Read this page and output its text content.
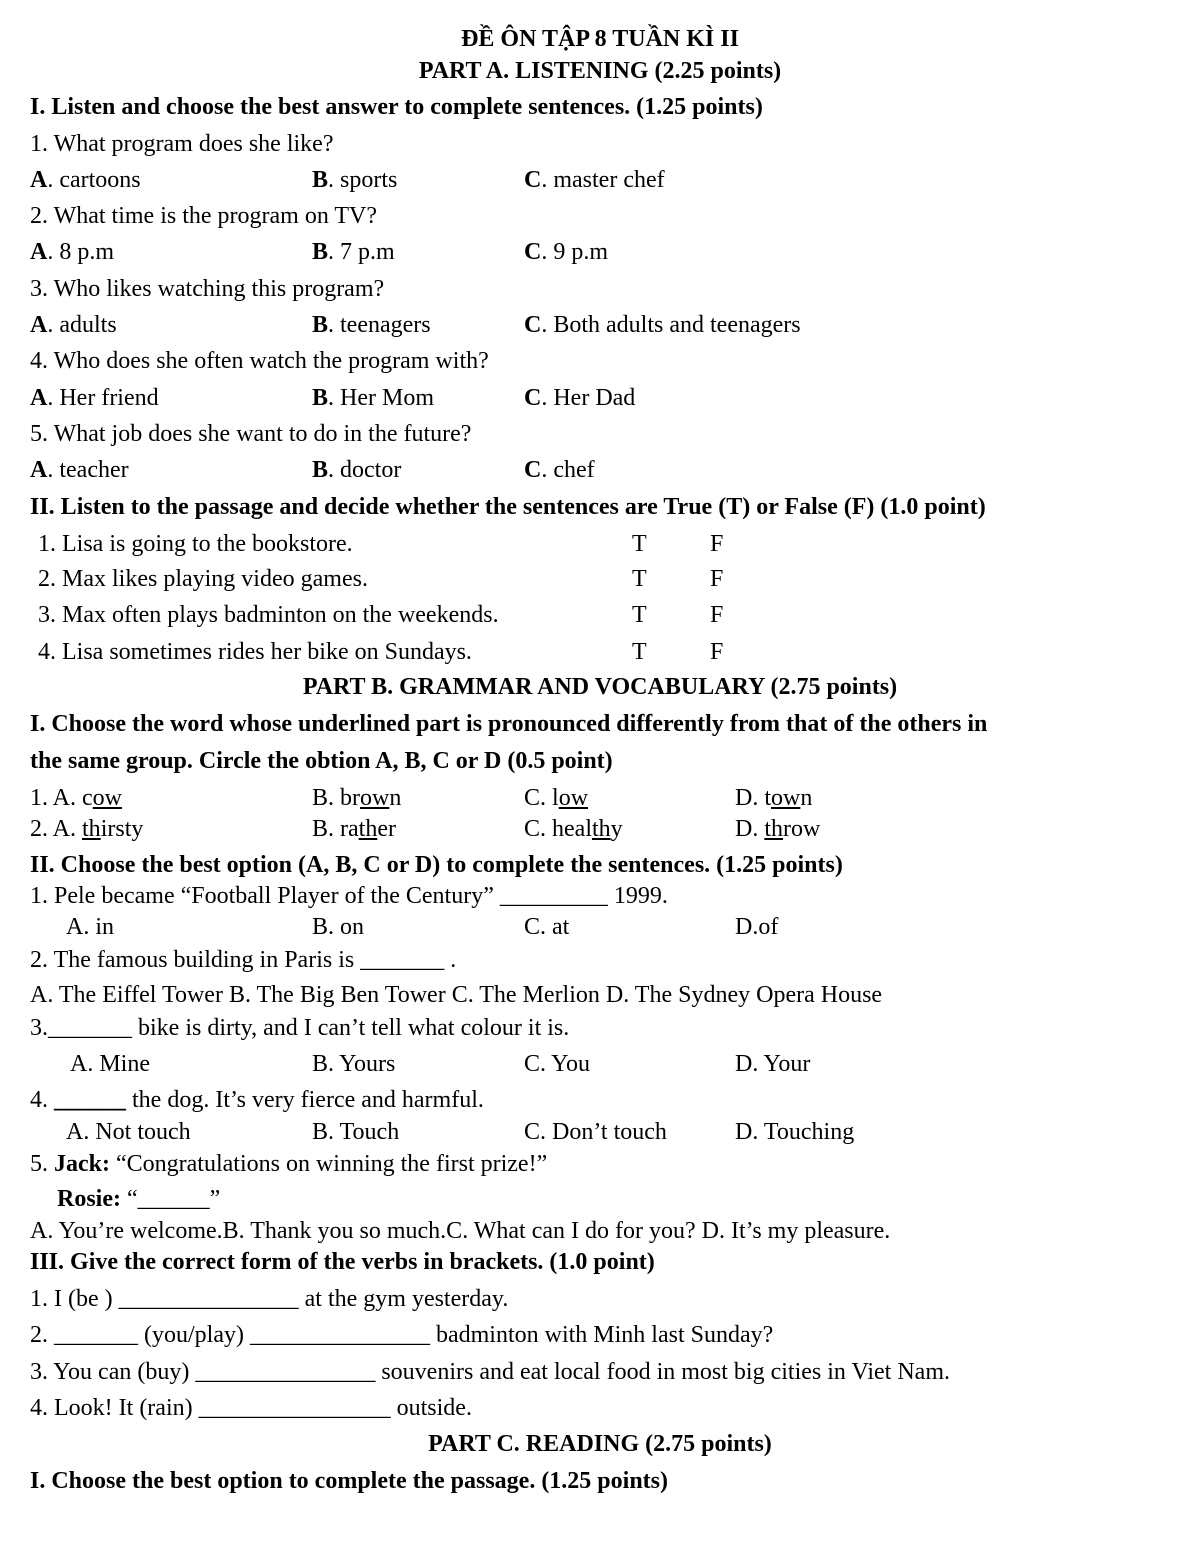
ĐỀ ÔN TẬP 8 TUẦN KÌ II
PART A. LISTENING (2.25 points)
I. Listen and choose the best answer to complete sentences. (1.25 points)
1. What program does she like?
A. cartoons	B. sports	C. master chef
2. What time is the program on TV?
A. 8 p.m	B. 7 p.m	C. 9 p.m
3. Who likes watching this program?
A. adults	B. teenagers	C. Both adults and teenagers
4. Who does she often watch the program with?
A. Her friend	B. Her Mom	C. Her Dad
5. What job does she want to do in the future?
A. teacher	B. doctor	C. chef
II. Listen to the passage and decide whether the sentences are True (T) or False (F) (1.0 point)
1. Lisa is going to the bookstore.	T	F
2. Max likes playing video games.	T	F
3. Max often plays badminton on the weekends.	T	F
4. Lisa sometimes rides her bike on Sundays.	T	F
PART B. GRAMMAR AND VOCABULARY (2.75 points)
I. Choose the word whose underlined part is pronounced differently from that of the others in
the same group. Circle the obtion A, B, C or D (0.5 point)
1. A. cow	B. brown	C. low	D. town
2. A. thirsty	B. rather	C. healthy	D. throw
II. Choose the best option (A, B, C or D) to complete the sentences. (1.25 points)
1. Pele became “Football Player of the Century” _________ 1999.
A. in	B. on	C. at	D.of
2. The famous building in Paris is _______ .
A. The Eiffel Tower B. The Big Ben Tower C. The Merlion D. The Sydney Opera House
3._______ bike is dirty, and I can’t tell what colour it is.
A. Mine	B. Yours	C. You	D. Your
4. ______ the dog. It’s very fierce and harmful.
A. Not touch	B. Touch	C. Don’t touch	D. Touching
5. Jack: “Congratulations on winning the first prize!”
Rosie: “______”
A. You’re welcome.B. Thank you so much.C. What can I do for you? D. It’s my pleasure.
III. Give the correct form of the verbs in brackets. (1.0 point)
1. I (be ) _______________ at the gym yesterday.
2. _______ (you/play) _______________ badminton with Minh last Sunday?
3. You can (buy) _______________ souvenirs and eat local food in most big cities in Viet Nam.
4. Look! It (rain) ________________ outside.
PART C. READING (2.75 points)
I. Choose the best option to complete the passage. (1.25 points)
